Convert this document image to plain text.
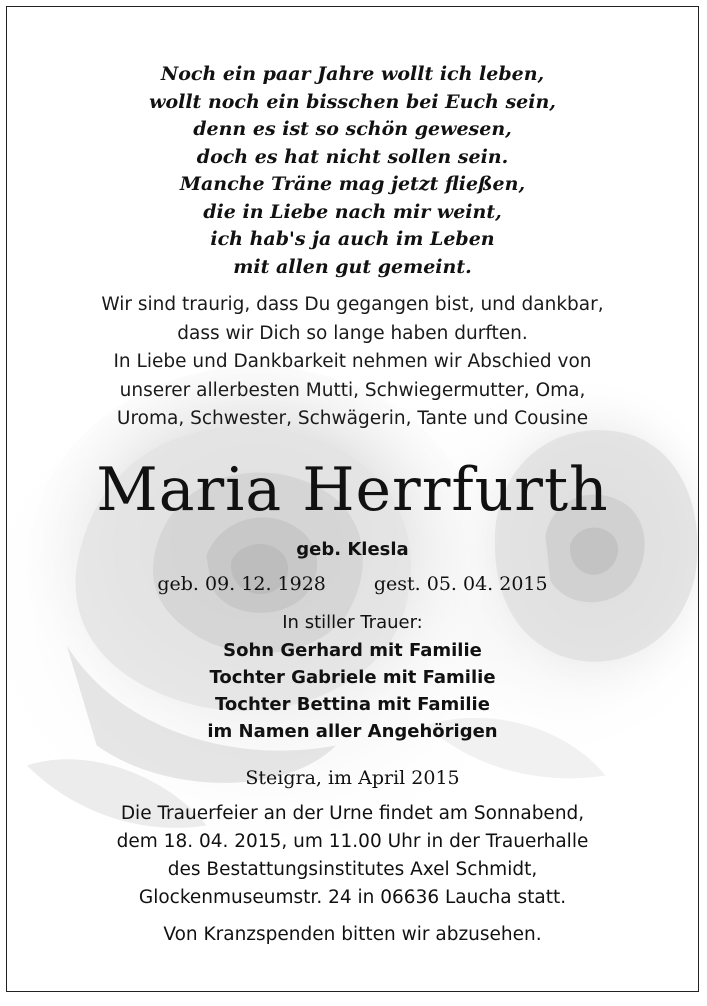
Noch ein paar Jahre wollt ich leben,
wollt noch ein bisschen bei Euch sein,
denn es ist so schön gewesen,
doch es hat nicht sollen sein.
Manche Träne mag jetzt fließen,
die in Liebe nach mir weint,
ich hab's ja auch im Leben
mit allen gut gemeint.
Wir sind traurig, dass Du gegangen bist, und dankbar,
dass wir Dich so lange haben durften.
In Liebe und Dankbarkeit nehmen wir Abschied von
unserer allerbesten Mutti, Schwiegermutter, Oma,
Uroma, Schwester, Schwägerin, Tante und Cousine
Maria Herrfurth
geb. Klesla
geb. 09. 12. 1928	gest. 05. 04. 2015
In stiller Trauer:
Sohn Gerhard mit Familie
Tochter Gabriele mit Familie
Tochter Bettina mit Familie
im Namen aller Angehörigen
Steigra, im April 2015
Die Trauerfeier an der Urne findet am Sonnabend,
dem 18. 04. 2015, um 11.00 Uhr in der Trauerhalle
des Bestattungsinstitutes Axel Schmidt,
Glockenmuseumstr. 24 in 06636 Laucha statt.
Von Kranzspenden bitten wir abzusehen.
